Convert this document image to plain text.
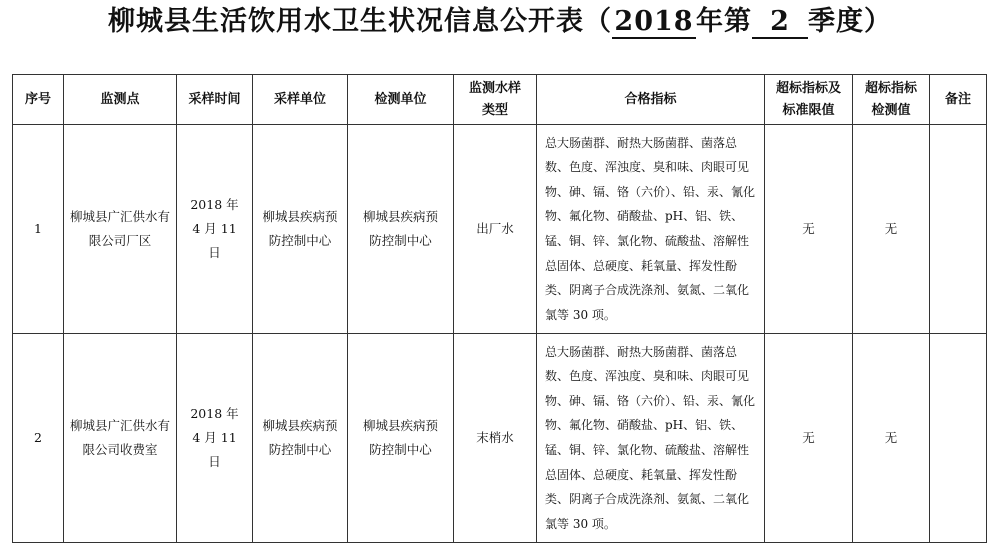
柳城县生活饮用水卫生状况信息公开表（2018年第 2 季度）
序号	监测点	采样时间	采样单位	检测单位	监测水样类型	合格指标	超标指标及标准限值	超标指标检测值	备注
1	柳城县广汇供水有限公司厂区	2018 年 4 月 11 日	柳城县疾病预防控制中心	柳城县疾病预防控制中心	出厂水	总大肠菌群、耐热大肠菌群、菌落总数、色度、浑浊度、臭和味、肉眼可见物、砷、镉、铬（六价）、铅、汞、氰化物、氟化物、硝酸盐、pH、铝、铁、锰、铜、锌、氯化物、硫酸盐、溶解性总固体、总硬度、耗氧量、挥发性酚类、阴离子合成洗涤剂、氨氮、二氧化氯等 30 项。	无	无	
2	柳城县广汇供水有限公司收费室	2018 年 4 月 11 日	柳城县疾病预防控制中心	柳城县疾病预防控制中心	末梢水	总大肠菌群、耐热大肠菌群、菌落总数、色度、浑浊度、臭和味、肉眼可见物、砷、镉、铬（六价）、铅、汞、氰化物、氟化物、硝酸盐、pH、铝、铁、锰、铜、锌、氯化物、硫酸盐、溶解性总固体、总硬度、耗氧量、挥发性酚类、阴离子合成洗涤剂、氨氮、二氧化氯等 30 项。	无	无	
